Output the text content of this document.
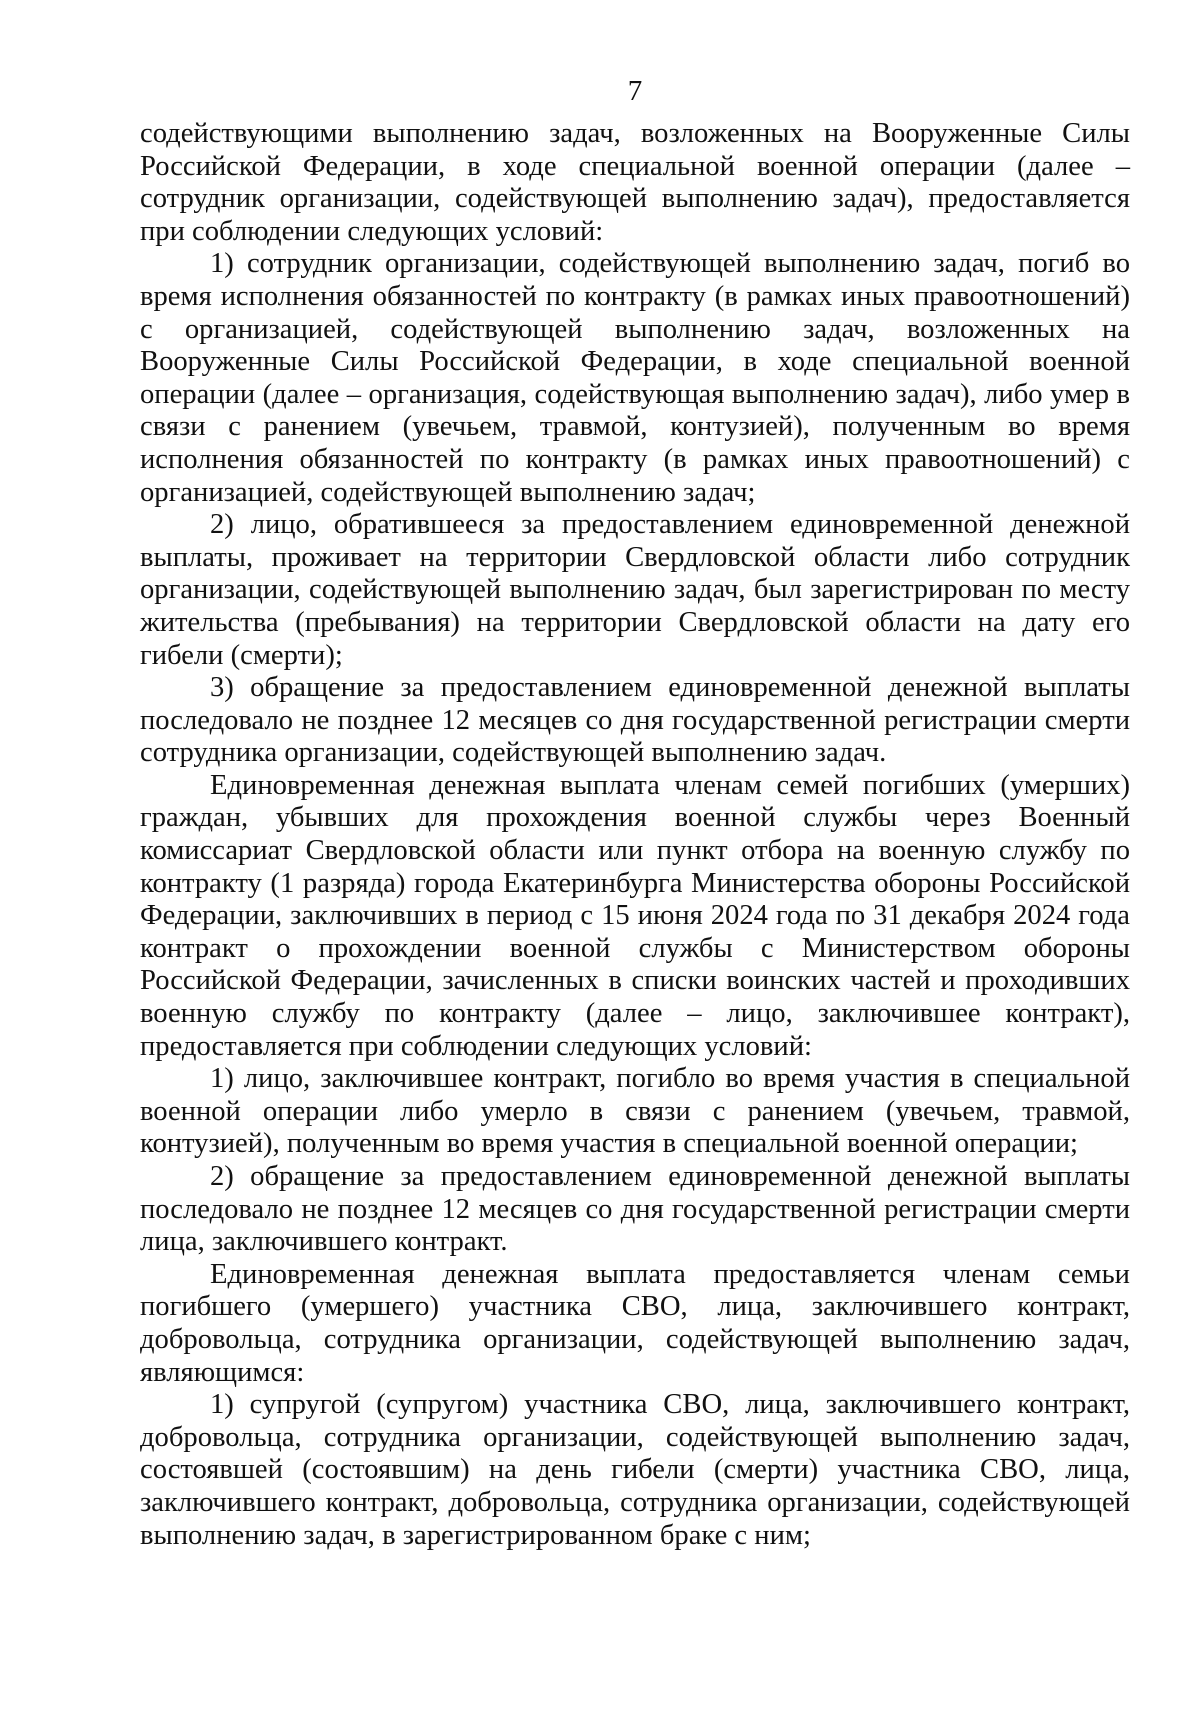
7

содействующими выполнению задач, возложенных на Вооруженные Силы Российской Федерации, в ходе специальной военной операции (далее – сотрудник организации, содействующей выполнению задач), предоставляется при соблюдении следующих условий:

1) сотрудник организации, содействующей выполнению задач, погиб во время исполнения обязанностей по контракту (в рамках иных правоотношений) с организацией, содействующей выполнению задач, возложенных на Вооруженные Силы Российской Федерации, в ходе специальной военной операции (далее – организация, содействующая выполнению задач), либо умер в связи с ранением (увечьем, травмой, контузией), полученным во время исполнения обязанностей по контракту (в рамках иных правоотношений) с организацией, содействующей выполнению задач;

2) лицо, обратившееся за предоставлением единовременной денежной выплаты, проживает на территории Свердловской области либо сотрудник организации, содействующей выполнению задач, был зарегистрирован по месту жительства (пребывания) на территории Свердловской области на дату его гибели (смерти);

3) обращение за предоставлением единовременной денежной выплаты последовало не позднее 12 месяцев со дня государственной регистрации смерти сотрудника организации, содействующей выполнению задач.

Единовременная денежная выплата членам семей погибших (умерших) граждан, убывших для прохождения военной службы через Военный комиссариат Свердловской области или пункт отбора на военную службу по контракту (1 разряда) города Екатеринбурга Министерства обороны Российской Федерации, заключивших в период с 15 июня 2024 года по 31 декабря 2024 года контракт о прохождении военной службы с Министерством обороны Российской Федерации, зачисленных в списки воинских частей и проходивших военную службу по контракту (далее – лицо, заключившее контракт), предоставляется при соблюдении следующих условий:

1) лицо, заключившее контракт, погибло во время участия в специальной военной операции либо умерло в связи с ранением (увечьем, травмой, контузией), полученным во время участия в специальной военной операции;

2) обращение за предоставлением единовременной денежной выплаты последовало не позднее 12 месяцев со дня государственной регистрации смерти лица, заключившего контракт.

Единовременная денежная выплата предоставляется членам семьи погибшего (умершего) участника СВО, лица, заключившего контракт, добровольца, сотрудника организации, содействующей выполнению задач, являющимся:

1) супругой (супругом) участника СВО, лица, заключившего контракт, добровольца, сотрудника организации, содействующей выполнению задач, состоявшей (состоявшим) на день гибели (смерти) участника СВО, лица, заключившего контракт, добровольца, сотрудника организации, содействующей выполнению задач, в зарегистрированном браке с ним;
